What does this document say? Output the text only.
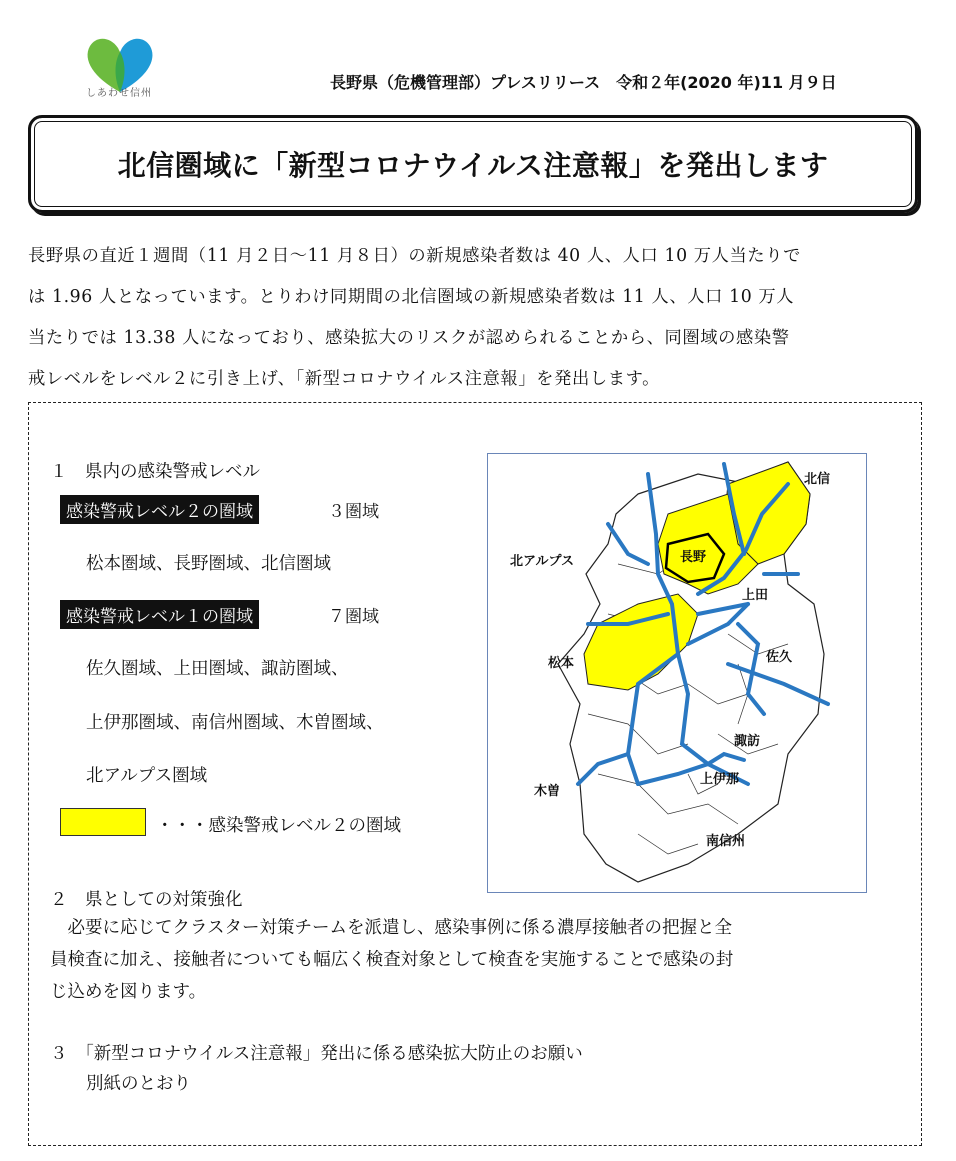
しあわせ信州
長野県（危機管理部）プレスリリース　令和２年(2020 年)11 月９日
北信圏域に「新型コロナウイルス注意報」を発出します
長野県の直近１週間（11 月２日〜11 月８日）の新規感染者数は 40 人、人口 10 万人当たりで
は 1.96 人となっています。とりわけ同期間の北信圏域の新規感染者数は 11 人、人口 10 万人
当たりでは 13.38 人になっており、感染拡大のリスクが認められることから、同圏域の感染警
戒レベルをレベル２に引き上げ、「新型コロナウイルス注意報」を発出します。
１　県内の感染警戒レベル
感染警戒レベル２の圏域	３圏域
松本圏域、長野圏域、北信圏域
感染警戒レベル１の圏域	７圏域
佐久圏域、上田圏域、諏訪圏域、
上伊那圏域、南信州圏域、木曽圏域、
北アルプス圏域
・・・感染警戒レベル２の圏域
北信
長野
北アルプス
上田
松本	佐久
諏訪
上伊那
木曽
南信州
２　県としての対策強化
　必要に応じてクラスター対策チームを派遣し、感染事例に係る濃厚接触者の把握と全
員検査に加え、接触者についても幅広く検査対象として検査を実施することで感染の封
じ込めを図ります。
３　「新型コロナウイルス注意報」発出に係る感染拡大防止のお願い
別紙のとおり
